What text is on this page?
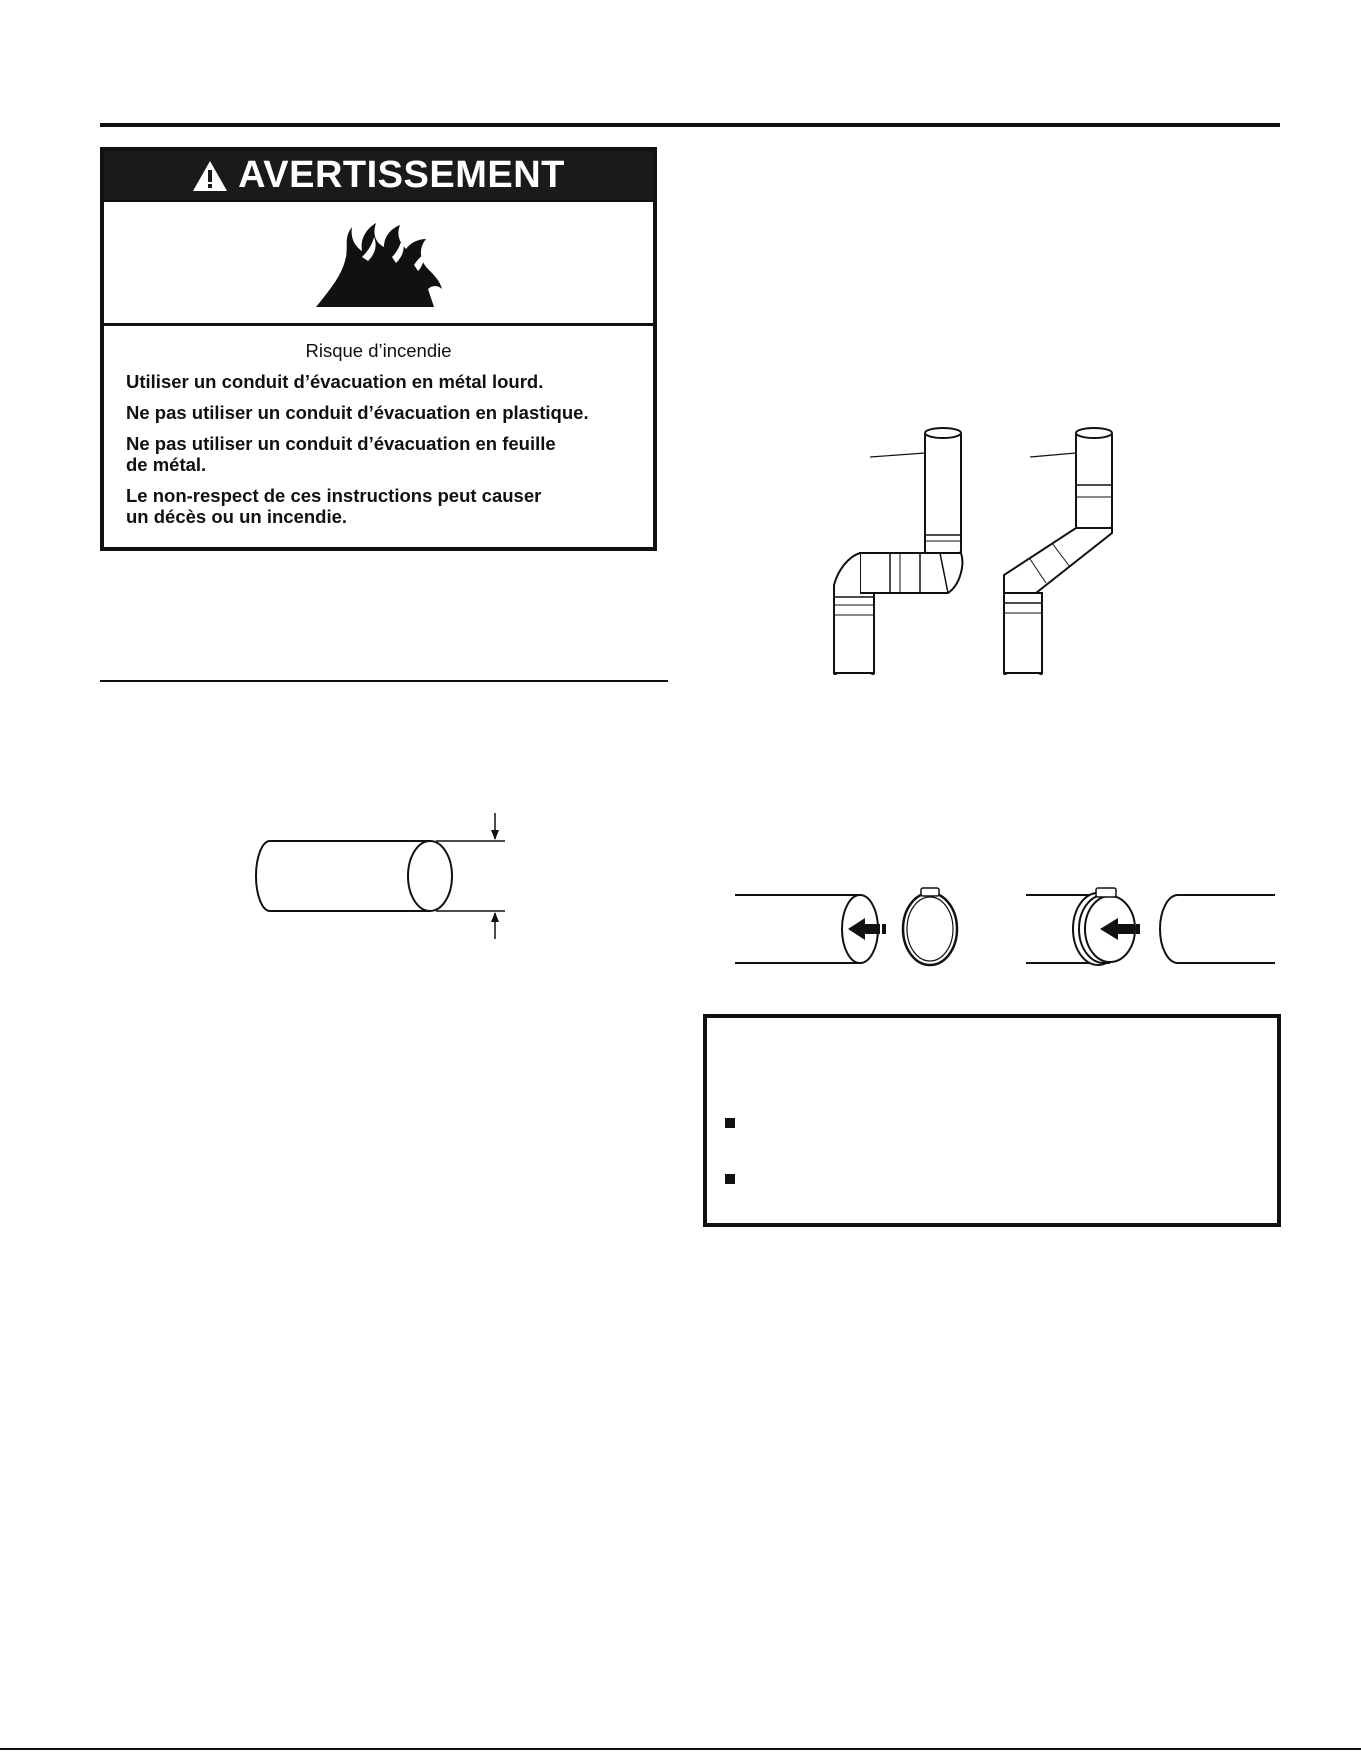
AVERTISSEMENT
Risque d’incendie
Utiliser un conduit d’évacuation en métal lourd.
Ne pas utiliser un conduit d’évacuation en plastique.
Ne pas utiliser un conduit d’évacuation en feuille de métal.
Le non-respect de ces instructions peut causer un décès ou un incendie.
